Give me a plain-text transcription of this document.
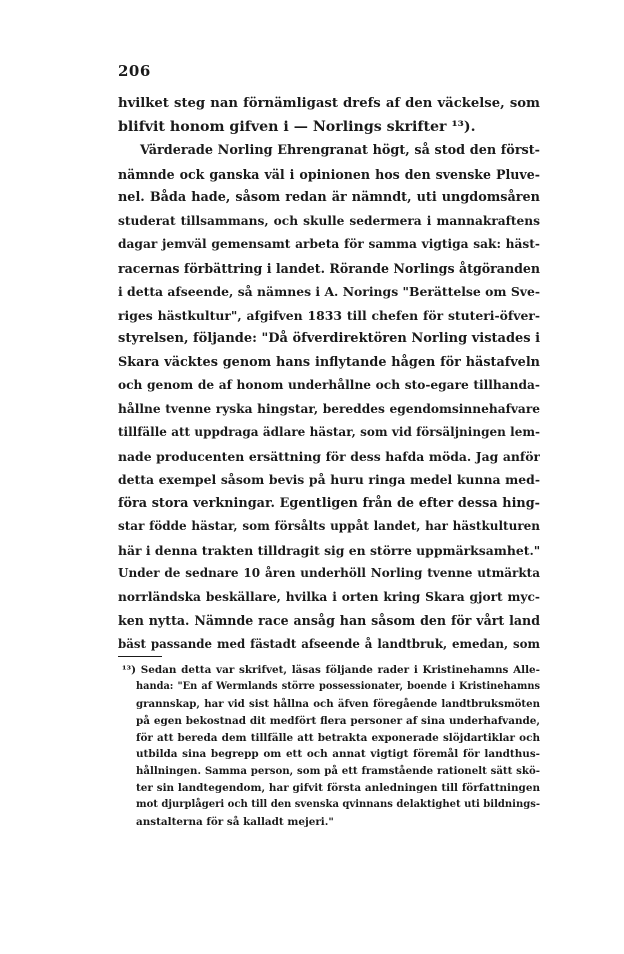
206
hvilket steg nan förnämligast drefs af den väckelse, som
blifvit honom gifven i — Norlings skrifter ¹³).
Värderade Norling Ehrengranat högt, så stod den först-
nämnde ock ganska väl i opinionen hos den svenske Pluve-
nel. Båda hade, såsom redan är nämndt, uti ungdomsåren
studerat tillsammans, och skulle sedermera i mannakraftens
dagar jemväl gemensamt arbeta för samma vigtiga sak: häst-
racernas förbättring i landet. Rörande Norlings åtgöranden
i detta afseende, så nämnes i A. Norings "Berättelse om Sve-
riges hästkultur", afgifven 1833 till chefen för stuteri-öfver-
styrelsen, följande: "Då öfverdirektören Norling vistades i
Skara väcktes genom hans inflytande hågen för hästafveln
och genom de af honom underhållne och sto-egare tillhanda-
hållne tvenne ryska hingstar, bereddes egendomsinnehafvare
tillfälle att uppdraga ädlare hästar, som vid försäljningen lem-
nade producenten ersättning för dess hafda möda. Jag anför
detta exempel såsom bevis på huru ringa medel kunna med-
föra stora verkningar. Egentligen från de efter dessa hing-
star födde hästar, som försålts uppåt landet, har hästkulturen
här i denna trakten tilldragit sig en större uppmärksamhet."
Under de sednare 10 åren underhöll Norling tvenne utmärkta
norrländska beskällare, hvilka i orten kring Skara gjort myc-
ken nytta. Nämnde race ansåg han såsom den för vårt land
bäst passande med fästadt afseende å landtbruk, emedan, som
¹³) Sedan detta var skrifvet, läsas följande rader i Kristinehamns Alle-
handa: "En af Wermlands större possessionater, boende i Kristinehamns
grannskap, har vid sist hållna och äfven föregående landtbruksmöten
på egen bekostnad dit medfört flera personer af sina underhafvande,
för att bereda dem tillfälle att betrakta exponerade slöjdartiklar och
utbilda sina begrepp om ett och annat vigtigt föremål för landthus-
hållningen. Samma person, som på ett framstående rationelt sätt skö-
ter sin landtegendom, har gifvit första anledningen till författningen
mot djurplågeri och till den svenska qvinnans delaktighet uti bildnings-
anstalterna för så kalladt mejeri."
